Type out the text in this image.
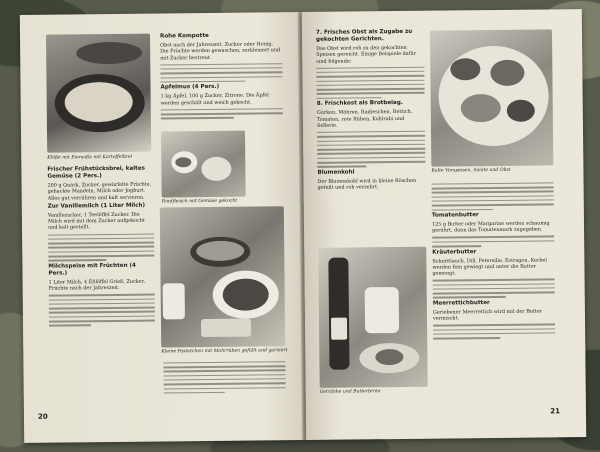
Klöße mit Eiersoße mit Kartoffelbrei
Rohe Kompotte

Obst nach der Jahreszeit, Zucker oder Honig. Die Früchte werden gewaschen, zerkleinert und mit Zucker bestreut.

Apfelmus (4 Pers.)

1 kg Äpfel, 100 g Zucker, Zitrone. Die Äpfel werden geschält und weich gekocht.

Rindfleisch mit Gemüse gekocht
Frischer Frühstücksbrei, kaltes Gemüse (2 Pers.)

200 g Quark, Zucker, gewürfelte Früchte, gehackte Mandeln, Milch oder Joghurt. Alles gut verrühren und kalt servieren.

Zur Vanillemilch (1 Liter Milch)

Vanillezucker, 1 Teelöffel Zucker. Die Milch wird mit dem Zucker aufgekocht und kalt gestellt.

Milchspeise mit Früchten (4 Pers.)

1 Liter Milch, 4 Eßlöffel Grieß, Zucker, Früchte nach der Jahreszeit.

Kleine Pastetchen mit Mohrrüben gefüllt und garniert
20
7. Frisches Obst als Zugabe zu gekochten Gerichten.

Das Obst wird roh zu den gekochten Speisen gereicht. Einige Beispiele dafür sind folgende:

8. Frischkost als Brotbelag.

Gurken, Möhren, Radieschen, Rettich, Tomaten, rote Rüben, Kohlrabi und Sellerie.

Blumenkohl

Der Blumenkohl wird in kleine Röschen geteilt und roh verzehrt.

Kalte Vorspeisen, Salate und Obst
Getränke und Butterbrote
Tomatenbutter

125 g Butter oder Margarine werden schaumig gerührt, dann das Tomatenmark zugegeben.

Kräuterbutter

Schnittlauch, Dill, Petersilie, Estragon, Kerbel werden fein gewiegt und unter die Butter gemengt.

Meerrettichbutter

Geriebener Meerrettich wird mit der Butter vermischt.

21
